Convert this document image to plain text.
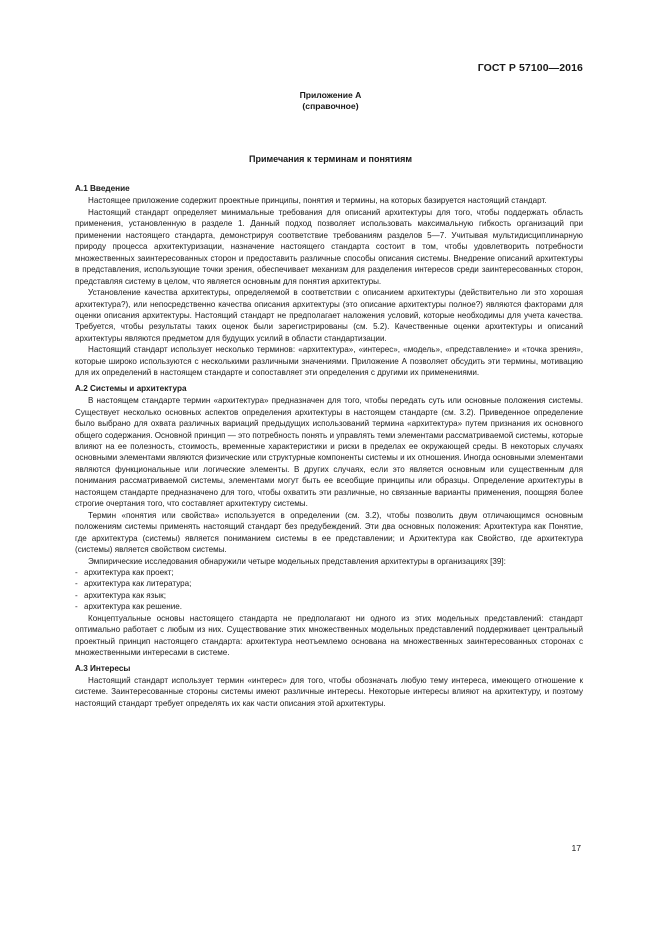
ГОСТ Р 57100—2016
Приложение А
(справочное)
Примечания к терминам и понятиям
А.1 Введение

Настоящее приложение содержит проектные принципы, понятия и термины, на которых базируется настоящий стандарт.

Настоящий стандарт определяет минимальные требования для описаний архитектуры для того, чтобы поддержать область применения, установленную в разделе 1. Данный подход позволяет использовать максимальную гибкость организаций при применении настоящего стандарта, демонстрируя соответствие требованиям разделов 5—7. Учитывая мультидисциплинарную природу процесса архитектуризации, назначение настоящего стандарта состоит в том, чтобы удовлетворить потребности множественных заинтересованных сторон и предоставить различные способы описания системы. Внедрение описаний архитектуры в представления, использующие точки зрения, обеспечивает механизм для разделения интересов среди заинтересованных сторон, представляя систему в целом, что является основным для понятия архитектуры.

Установление качества архитектуры, определяемой в соответствии с описанием архитектуры (действительно ли это хорошая архитектура?), или непосредственно качества описания архитектуры (это описание архитектуры полное?) являются факторами для оценки описания архитектуры. Настоящий стандарт не предполагает наложения условий, которые необходимы для учета качества. Требуется, чтобы результаты таких оценок были зарегистрированы (см. 5.2). Качественные оценки архитектуры и описаний архитектуры являются предметом для будущих усилий в области стандартизации.

Настоящий стандарт использует несколько терминов: «архитектура», «интерес», «модель», «представление» и «точка зрения», которые широко используются с несколькими различными значениями. Приложение А позволяет обсудить эти термины, мотивацию для их определений в настоящем стандарте и сопоставляет эти определения с другими их применениями.

А.2 Системы и архитектура

В настоящем стандарте термин «архитектура» предназначен для того, чтобы передать суть или основные положения системы. Существует несколько основных аспектов определения архитектуры в настоящем стандарте (см. 3.2). Приведенное определение было выбрано для охвата различных вариаций предыдущих использований термина «архитектура» путем признания их основного общего содержания. Основной принцип — это потребность понять и управлять теми элементами рассматриваемой системы, которые влияют на ее полезность, стоимость, временные характеристики и риски в пределах ее окружающей среды. В некоторых случаях основными элементами являются физические или структурные компоненты системы и их отношения. Иногда основными элементами являются функциональные или логические элементы. В других случаях, если это является основным или существенным для понимания рассматриваемой системы, элементами могут быть ее всеобщие принципы или образцы. Определение архитектуры в настоящем стандарте предназначено для того, чтобы охватить эти различные, но связанные варианты применения, поощряя более строгие очертания того, что составляет архитектуру системы.

Термин «понятия или свойства» используется в определении (см. 3.2), чтобы позволить двум отличающимся основным положениям системы применять настоящий стандарт без предубеждений. Эти два основных положения: Архитектура как Понятие, где архитектура (системы) является пониманием системы в ее представлении; и Архитектура как Свойство, где архитектура (системы) является свойством системы.

Эмпирические исследования обнаружили четыре модельных представления архитектуры в организациях [39]:

- архитектура как проект;
- архитектура как литература;
- архитектура как язык;
- архитектура как решение.

Концептуальные основы настоящего стандарта не предполагают ни одного из этих модельных представлений: стандарт оптимально работает с любым из них. Существование этих множественных модельных представлений поддерживает центральный проектный принцип настоящего стандарта: архитектура неотъемлемо основана на множественных заинтересованных сторонах с множественными интересами в системе.

А.3 Интересы

Настоящий стандарт использует термин «интерес» для того, чтобы обозначать любую тему интереса, имеющего отношение к системе. Заинтересованные стороны системы имеют различные интересы. Некоторые интересы влияют на архитектуру, и поэтому настоящий стандарт требует определять их как части описания этой архитектуры.

17
